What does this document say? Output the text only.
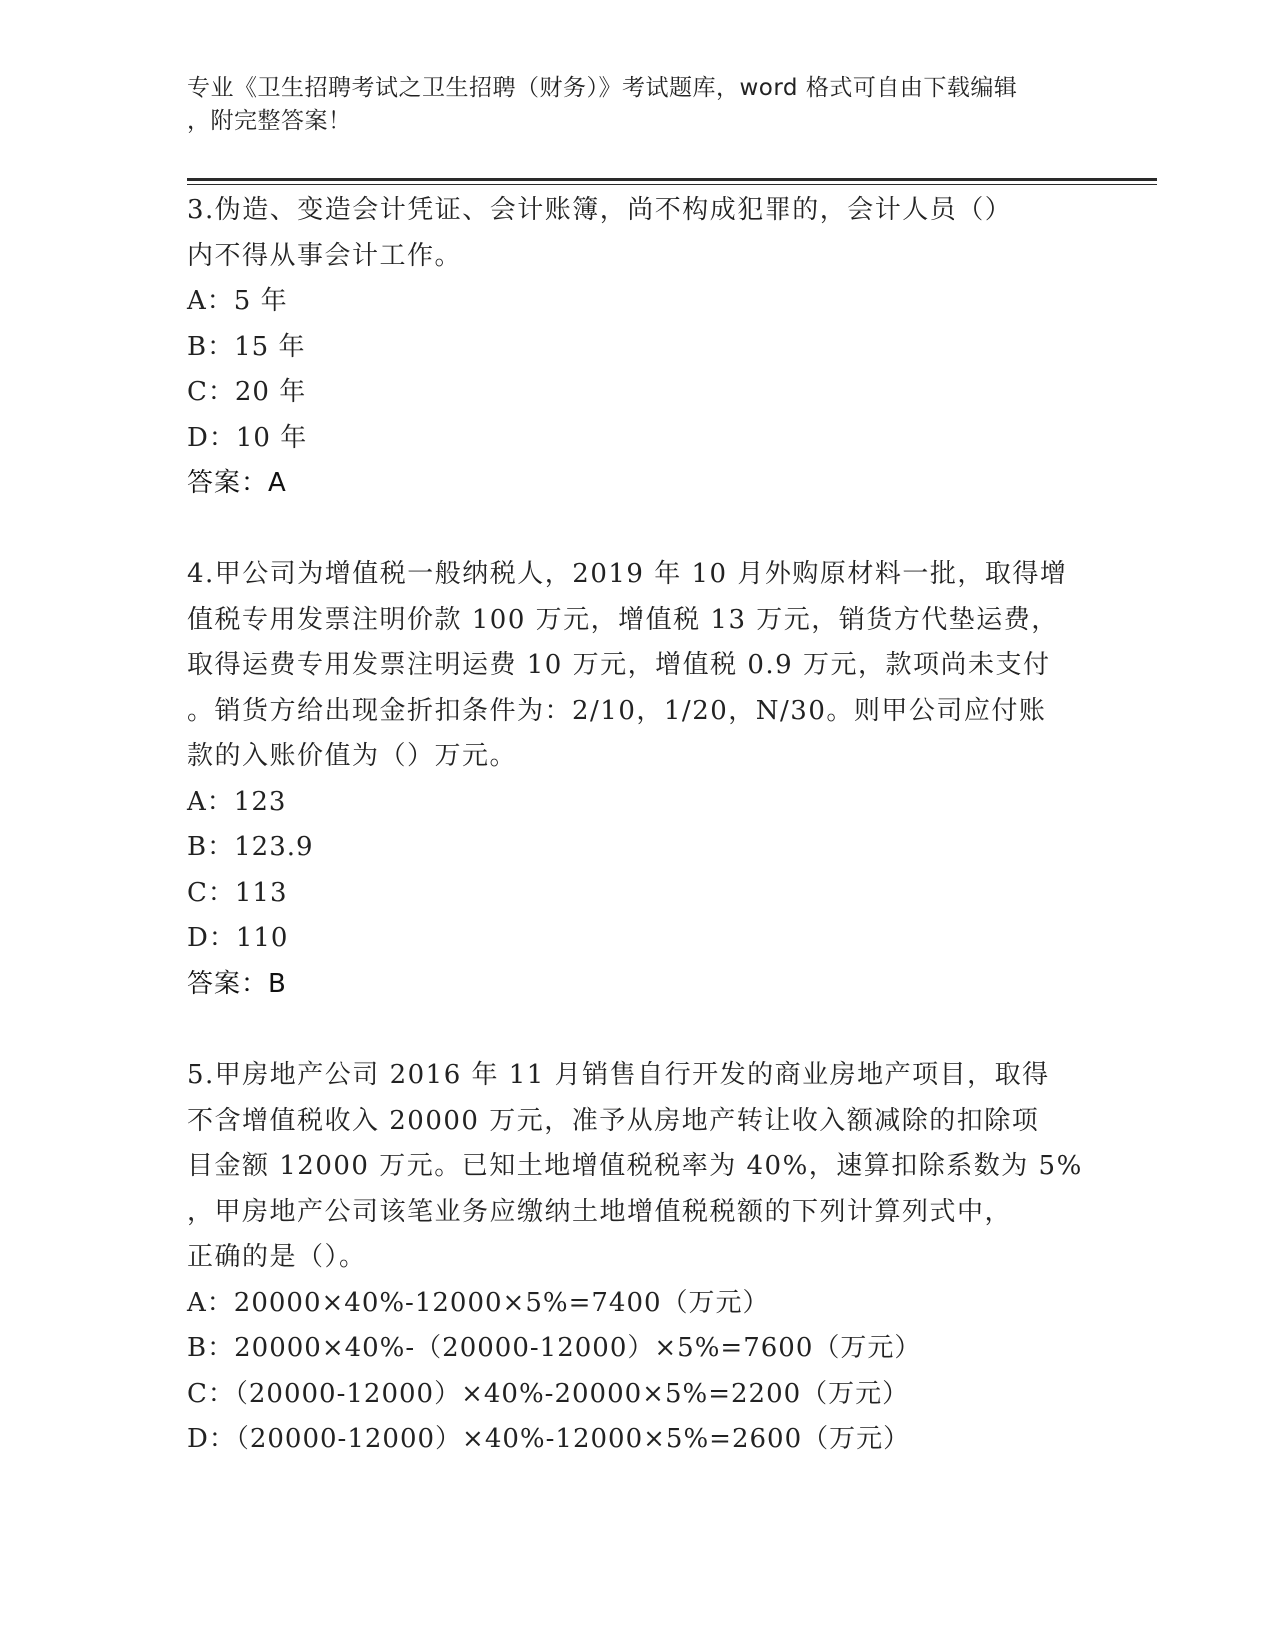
专业《卫生招聘考试之卫生招聘（财务）》考试题库，word 格式可自由下载编辑
，附完整答案！
3.伪造、变造会计凭证、会计账簿，尚不构成犯罪的，会计人员（）
内不得从事会计工作。
A：5 年
B：15 年
C：20 年
D：10 年
答案：A
4.甲公司为增值税一般纳税人，2019 年 10 月外购原材料一批，取得增
值税专用发票注明价款 100 万元，增值税 13 万元，销货方代垫运费，
取得运费专用发票注明运费 10 万元，增值税 0.9 万元，款项尚未支付
。销货方给出现金折扣条件为：2/10，1/20，N/30。则甲公司应付账
款的入账价值为（）万元。
A：123
B：123.9
C：113
D：110
答案：B
5.甲房地产公司 2016 年 11 月销售自行开发的商业房地产项目，取得
不含增值税收入 20000 万元，准予从房地产转让收入额减除的扣除项
目金额 12000 万元。已知土地增值税税率为 40%，速算扣除系数为 5%
，甲房地产公司该笔业务应缴纳土地增值税税额的下列计算列式中，
正确的是（）。
A：20000×40%-12000×5%=7400（万元）
B：20000×40%-（20000-12000）×5%=7600（万元）
C：（20000-12000）×40%-20000×5%=2200（万元）
D：（20000-12000）×40%-12000×5%=2600（万元）
